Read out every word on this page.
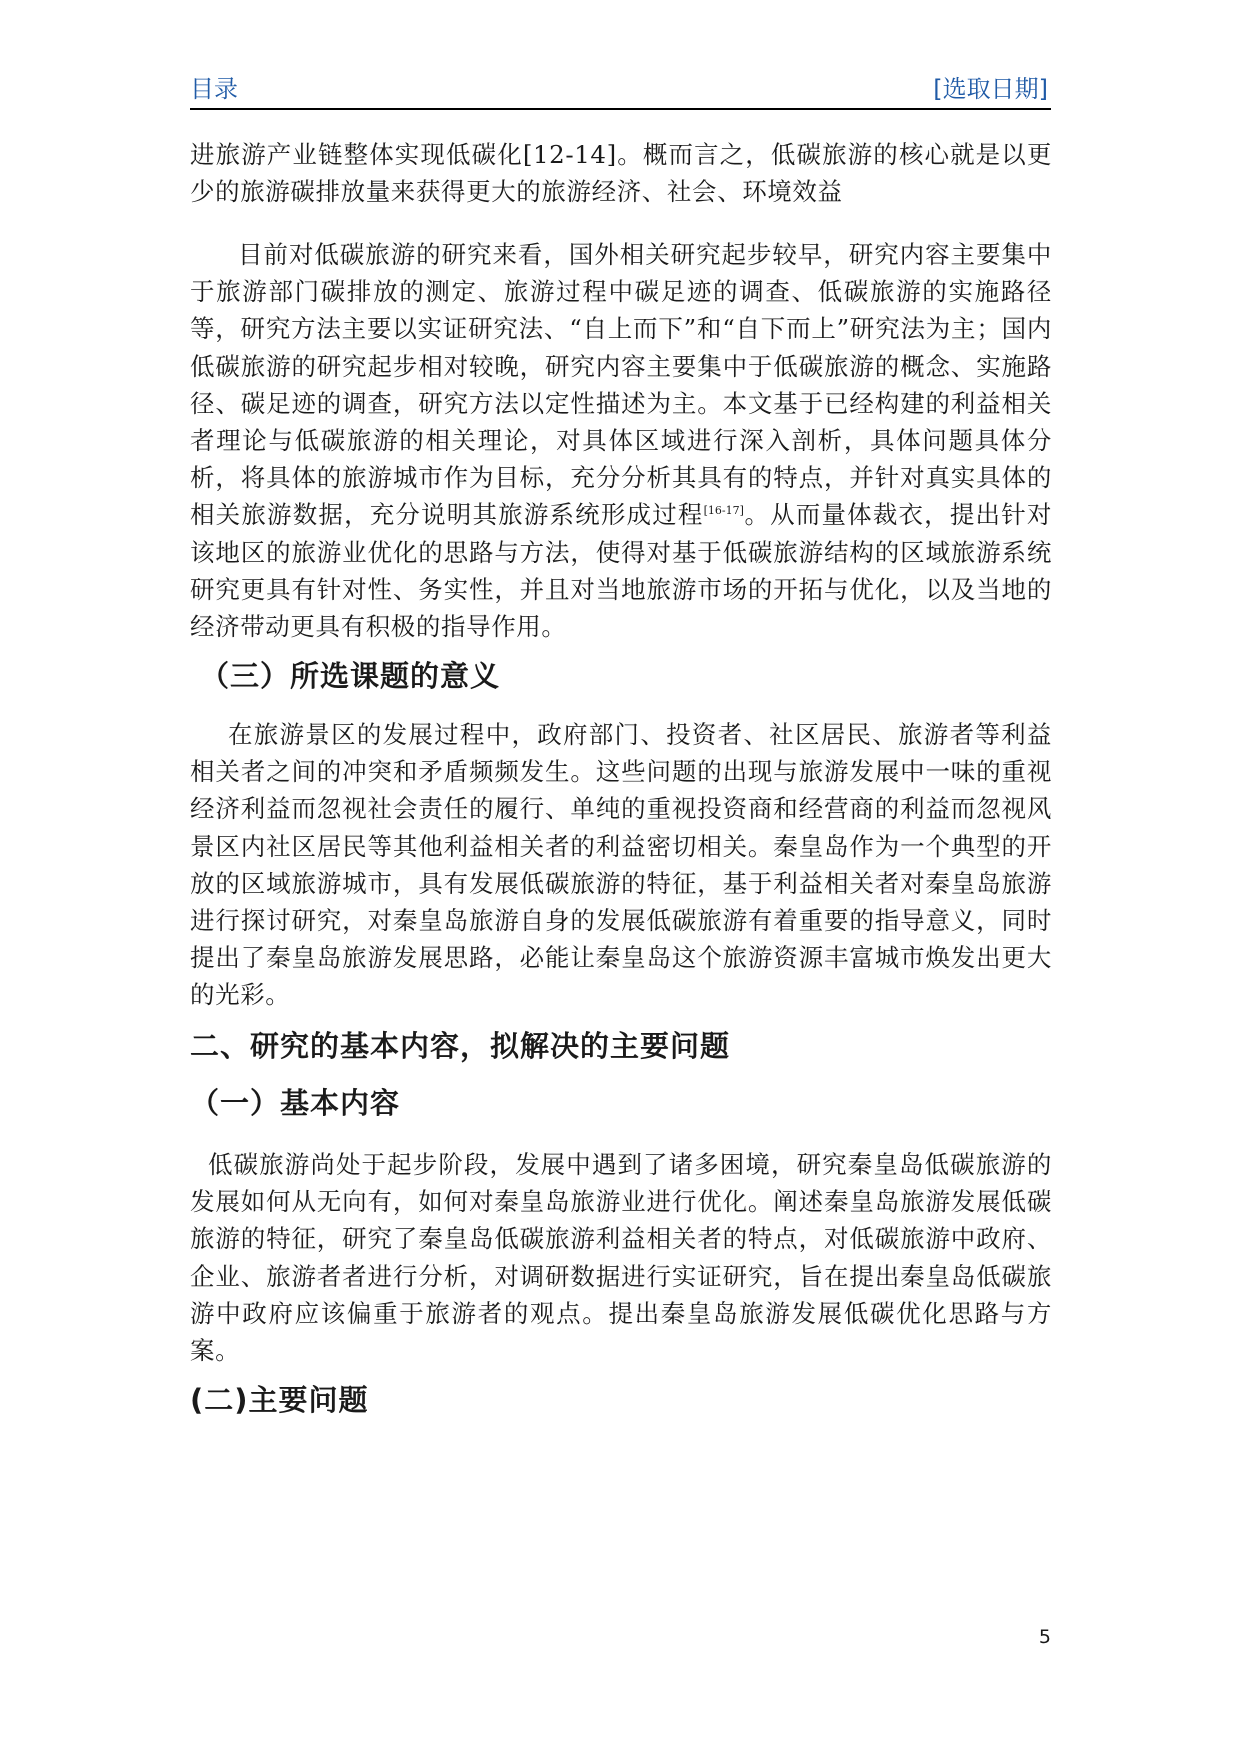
目录	[选取日期]

进旅游产业链整体实现低碳化[12-14]。概而言之，低碳旅游的核心就是以更少的旅游碳排放量来获得更大的旅游经济、社会、环境效益

目前对低碳旅游的研究来看，国外相关研究起步较早，研究内容主要集中于旅游部门碳排放的测定、旅游过程中碳足迹的调查、低碳旅游的实施路径等，研究方法主要以实证研究法、“自上而下”和“自下而上”研究法为主；国内低碳旅游的研究起步相对较晚，研究内容主要集中于低碳旅游的概念、实施路径、碳足迹的调查，研究方法以定性描述为主。本文基于已经构建的利益相关者理论与低碳旅游的相关理论，对具体区域进行深入剖析，具体问题具体分析，将具体的旅游城市作为目标，充分分析其具有的特点，并针对真实具体的相关旅游数据，充分说明其旅游系统形成过程[16-17]。从而量体裁衣，提出针对该地区的旅游业优化的思路与方法，使得对基于低碳旅游结构的区域旅游系统研究更具有针对性、务实性，并且对当地旅游市场的开拓与优化，以及当地的经济带动更具有积极的指导作用。

（三）所选课题的意义

在旅游景区的发展过程中，政府部门、投资者、社区居民、旅游者等利益相关者之间的冲突和矛盾频频发生。这些问题的出现与旅游发展中一味的重视经济利益而忽视社会责任的履行、单纯的重视投资商和经营商的利益而忽视风景区内社区居民等其他利益相关者的利益密切相关。秦皇岛作为一个典型的开放的区域旅游城市，具有发展低碳旅游的特征，基于利益相关者对秦皇岛旅游进行探讨研究，对秦皇岛旅游自身的发展低碳旅游有着重要的指导意义，同时提出了秦皇岛旅游发展思路，必能让秦皇岛这个旅游资源丰富城市焕发出更大的光彩。

二、研究的基本内容，拟解决的主要问题
（一）基本内容

低碳旅游尚处于起步阶段，发展中遇到了诸多困境，研究秦皇岛低碳旅游的发展如何从无向有，如何对秦皇岛旅游业进行优化。阐述秦皇岛旅游发展低碳旅游的特征，研究了秦皇岛低碳旅游利益相关者的特点，对低碳旅游中政府、企业、旅游者者进行分析，对调研数据进行实证研究，旨在提出秦皇岛低碳旅游中政府应该偏重于旅游者的观点。提出秦皇岛旅游发展低碳优化思路与方案。

(二)主要问题
5
